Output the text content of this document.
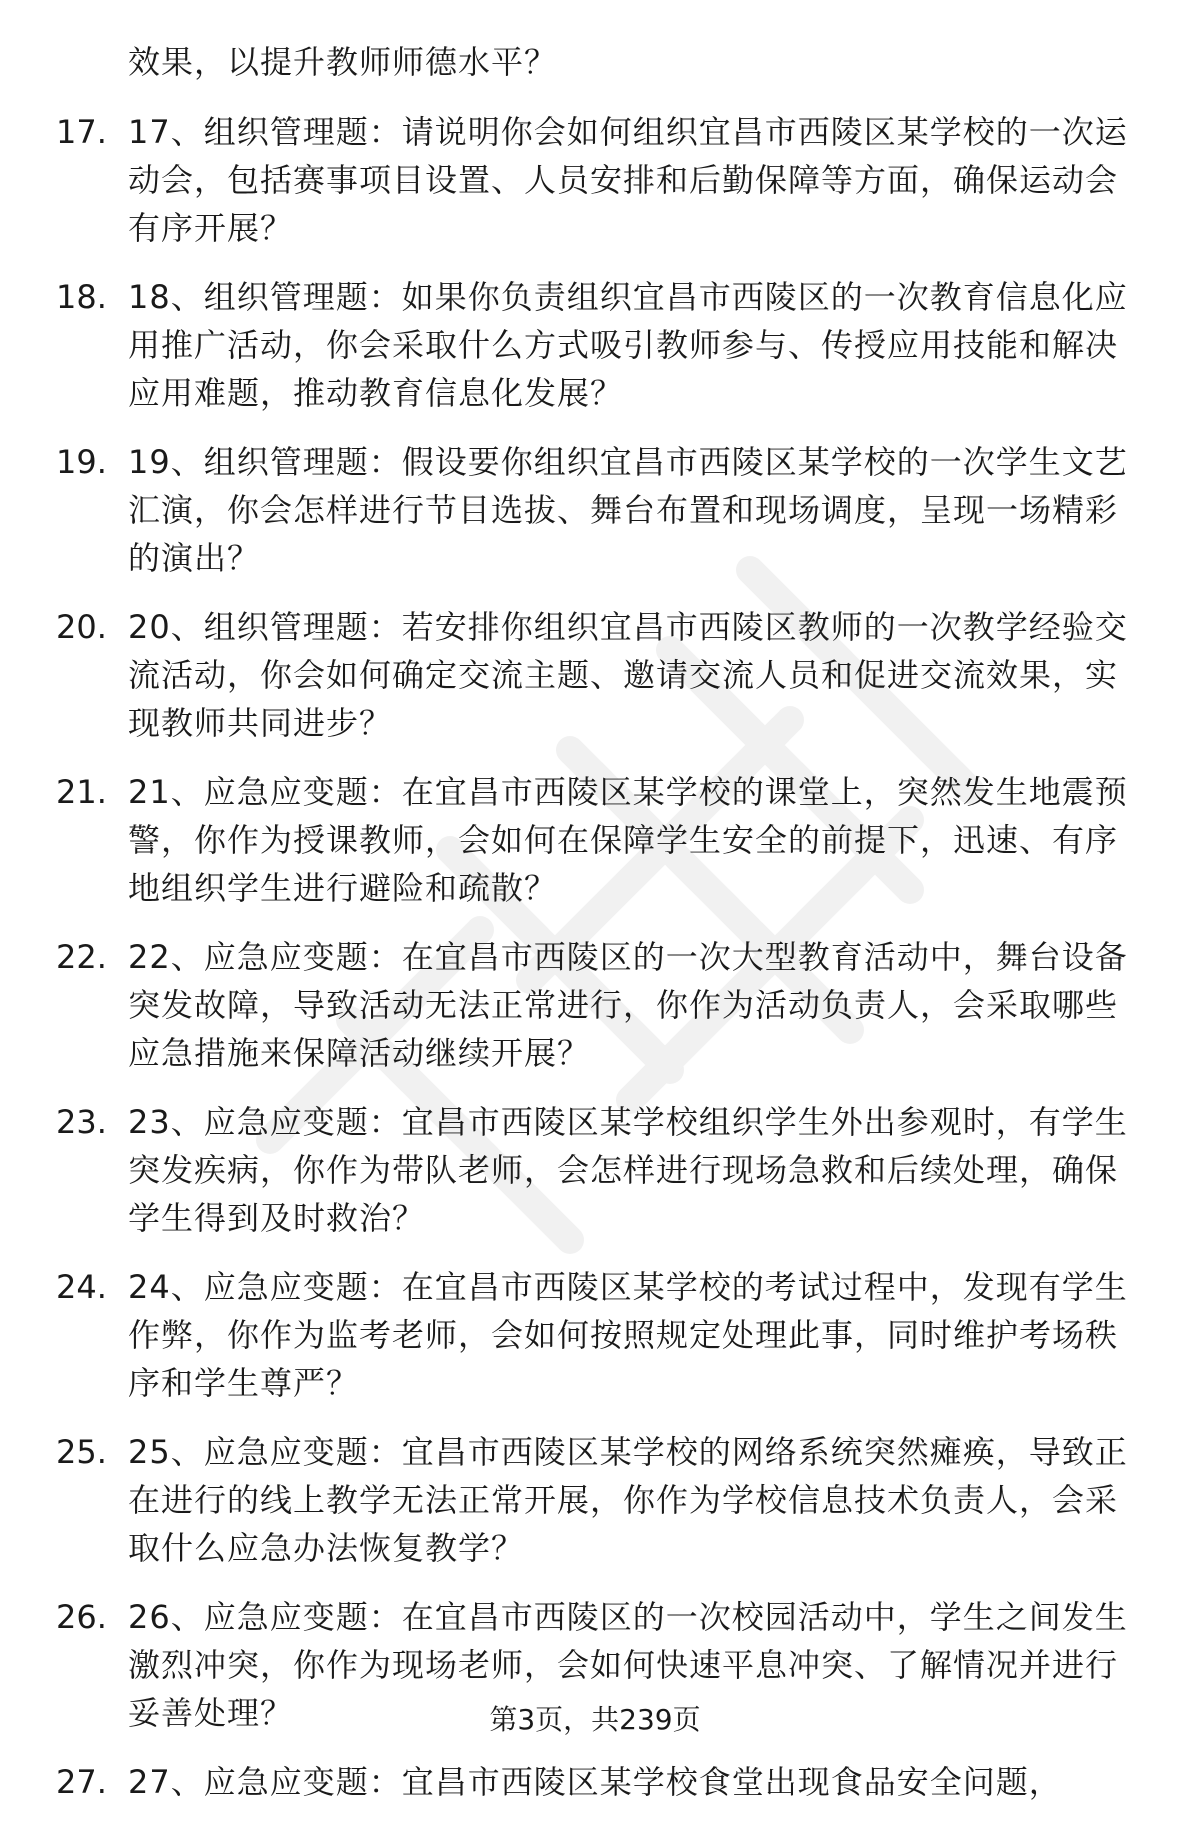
效果，以提升教师师德水平？
17. 17、组织管理题：请说明你会如何组织宜昌市西陵区某学校的一次运动会，包括赛事项目设置、人员安排和后勤保障等方面，确保运动会有序开展？
18. 18、组织管理题：如果你负责组织宜昌市西陵区的一次教育信息化应用推广活动，你会采取什么方式吸引教师参与、传授应用技能和解决应用难题，推动教育信息化发展？
19. 19、组织管理题：假设要你组织宜昌市西陵区某学校的一次学生文艺汇演，你会怎样进行节目选拔、舞台布置和现场调度，呈现一场精彩的演出？
20. 20、组织管理题：若安排你组织宜昌市西陵区教师的一次教学经验交流活动，你会如何确定交流主题、邀请交流人员和促进交流效果，实现教师共同进步？
21. 21、应急应变题：在宜昌市西陵区某学校的课堂上，突然发生地震预警，你作为授课教师，会如何在保障学生安全的前提下，迅速、有序地组织学生进行避险和疏散？
22. 22、应急应变题：在宜昌市西陵区的一次大型教育活动中，舞台设备突发故障，导致活动无法正常进行，你作为活动负责人，会采取哪些应急措施来保障活动继续开展？
23. 23、应急应变题：宜昌市西陵区某学校组织学生外出参观时，有学生突发疾病，你作为带队老师，会怎样进行现场急救和后续处理，确保学生得到及时救治？
24. 24、应急应变题：在宜昌市西陵区某学校的考试过程中，发现有学生作弊，你作为监考老师，会如何按照规定处理此事，同时维护考场秩序和学生尊严？
25. 25、应急应变题：宜昌市西陵区某学校的网络系统突然瘫痪，导致正在进行的线上教学无法正常开展，你作为学校信息技术负责人，会采取什么应急办法恢复教学？
26. 26、应急应变题：在宜昌市西陵区的一次校园活动中，学生之间发生激烈冲突，你作为现场老师，会如何快速平息冲突、了解情况并进行妥善处理？
27. 27、应急应变题：宜昌市西陵区某学校食堂出现食品安全问题，
第3页，共239页
